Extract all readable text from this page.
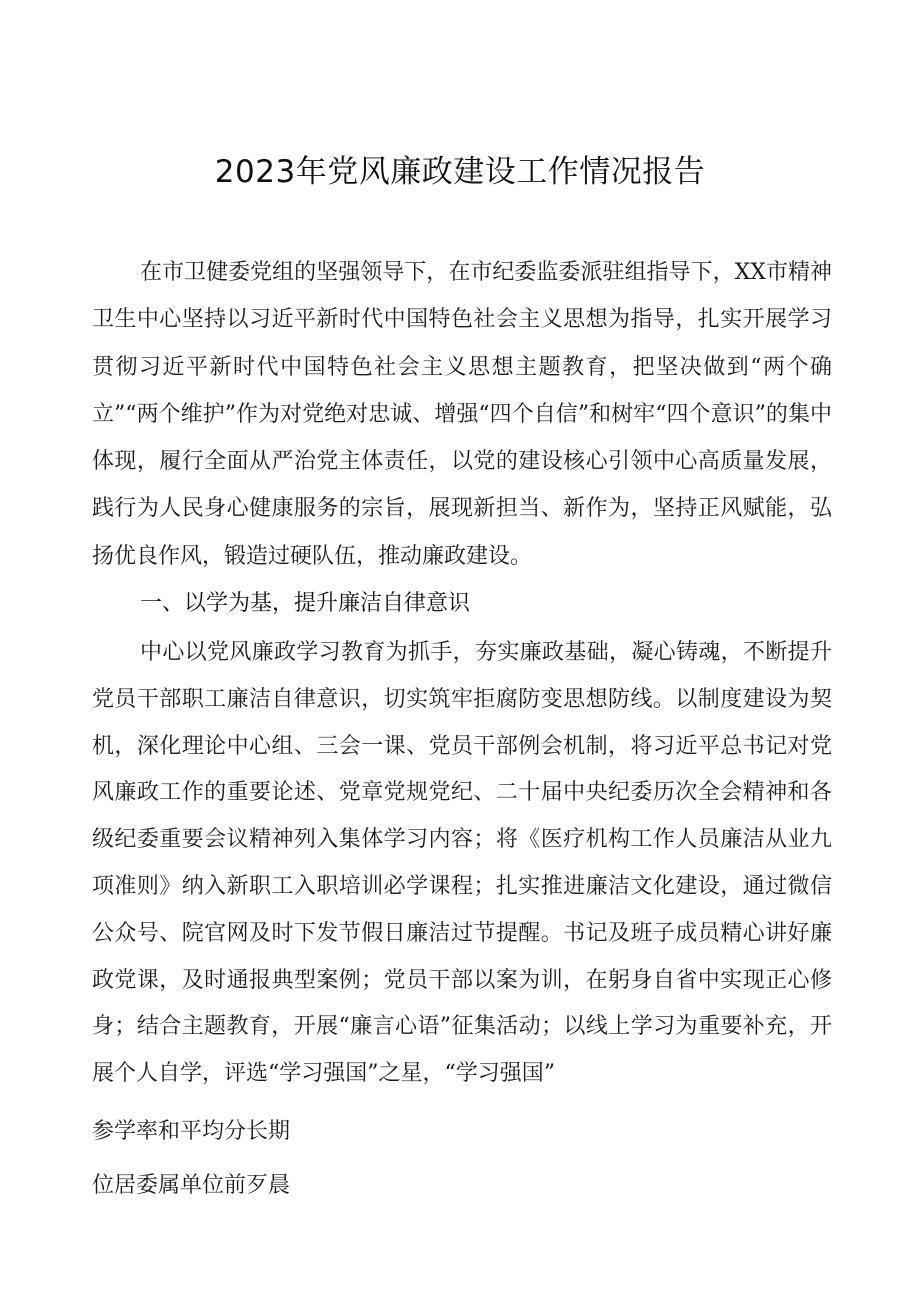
2023年党风廉政建设工作情况报告

在市卫健委党组的坚强领导下，在市纪委监委派驻组指导下，XX市精神卫生中心坚持以习近平新时代中国特色社会主义思想为指导，扎实开展学习贯彻习近平新时代中国特色社会主义思想主题教育，把坚决做到“两个确立”“两个维护”作为对党绝对忠诚、增强“四个自信”和树牢“四个意识”的集中体现，履行全面从严治党主体责任，以党的建设核心引领中心高质量发展，践行为人民身心健康服务的宗旨，展现新担当、新作为，坚持正风赋能，弘扬优良作风，锻造过硬队伍，推动廉政建设。

一、以学为基，提升廉洁自律意识

中心以党风廉政学习教育为抓手，夯实廉政基础，凝心铸魂，不断提升党员干部职工廉洁自律意识，切实筑牢拒腐防变思想防线。以制度建设为契机，深化理论中心组、三会一课、党员干部例会机制，将习近平总书记对党风廉政工作的重要论述、党章党规党纪、二十届中央纪委历次全会精神和各级纪委重要会议精神列入集体学习内容；将《医疗机构工作人员廉洁从业九项准则》纳入新职工入职培训必学课程；扎实推进廉洁文化建设，通过微信公众号、院官网及时下发节假日廉洁过节提醒。书记及班子成员精心讲好廉政党课，及时通报典型案例；党员干部以案为训，在躬身自省中实现正心修身；结合主题教育，开展“廉言心语”征集活动；以线上学习为重要补充，开展个人自学，评选“学习强国”之星，“学习强国”

参学率和平均分长期

位居委属单位前歹晨
